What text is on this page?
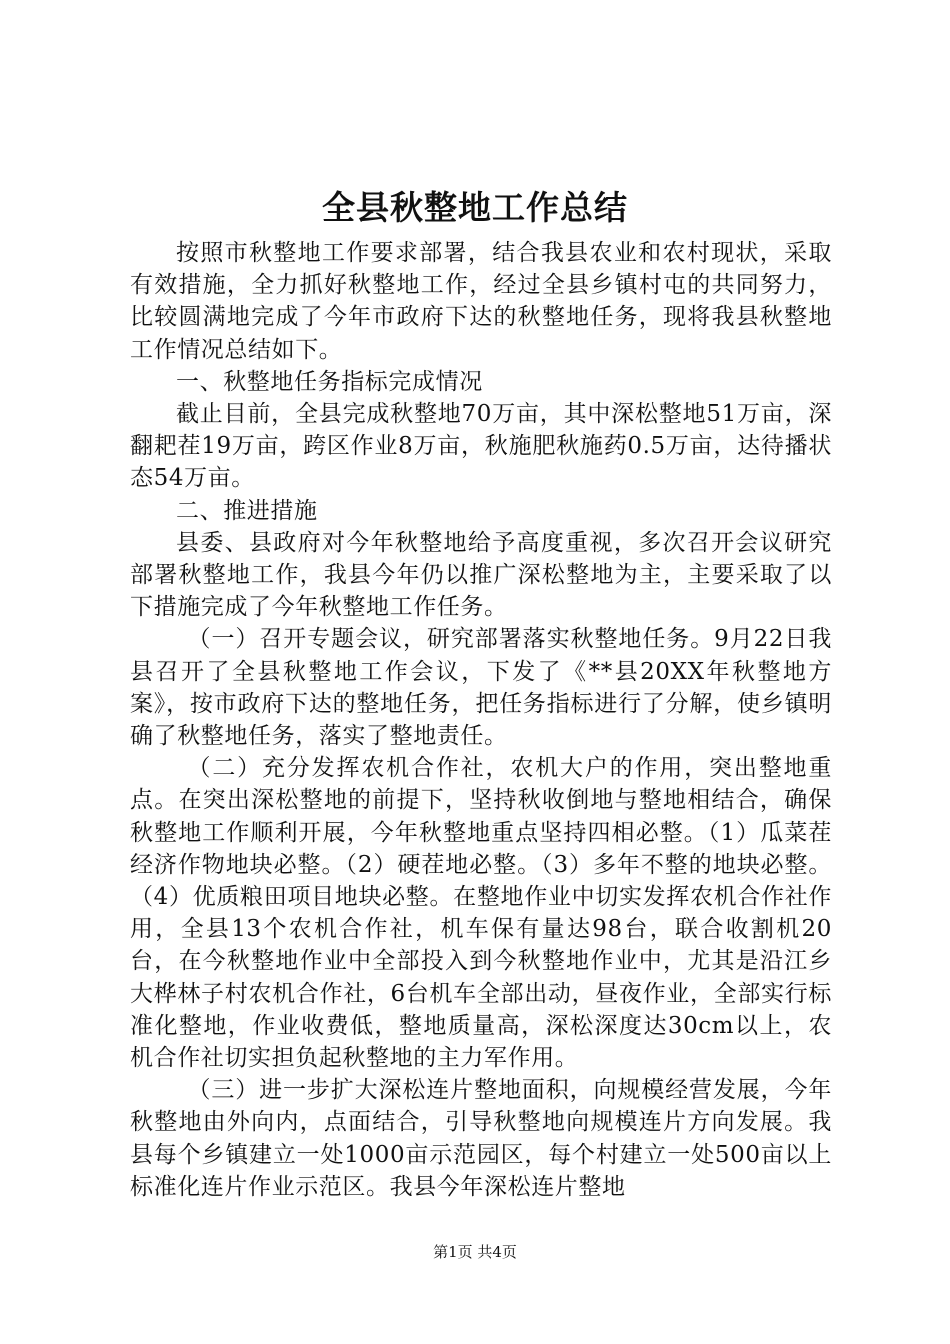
全县秋整地工作总结

按照市秋整地工作要求部署，结合我县农业和农村现状，采取有效措施，全力抓好秋整地工作，经过全县乡镇村屯的共同努力，比较圆满地完成了今年市政府下达的秋整地任务，现将我县秋整地工作情况总结如下。

一、秋整地任务指标完成情况

截止目前，全县完成秋整地70万亩，其中深松整地51万亩，深翻耙茬19万亩，跨区作业8万亩，秋施肥秋施药0.5万亩，达待播状态54万亩。

二、推进措施

县委、县政府对今年秋整地给予高度重视，多次召开会议研究部署秋整地工作，我县今年仍以推广深松整地为主，主要采取了以下措施完成了今年秋整地工作任务。

（一）召开专题会议，研究部署落实秋整地任务。9月22日我县召开了全县秋整地工作会议，下发了《**县20XX年秋整地方案》，按市政府下达的整地任务，把任务指标进行了分解，使乡镇明确了秋整地任务，落实了整地责任。

（二）充分发挥农机合作社，农机大户的作用，突出整地重点。在突出深松整地的前提下，坚持秋收倒地与整地相结合，确保秋整地工作顺利开展，今年秋整地重点坚持四相必整。（1）瓜菜茬经济作物地块必整。（2）硬茬地必整。（3）多年不整的地块必整。（4）优质粮田项目地块必整。在整地作业中切实发挥农机合作社作用，全县13个农机合作社，机车保有量达98台，联合收割机20台，在今秋整地作业中全部投入到今秋整地作业中，尤其是沿江乡大桦林子村农机合作社，6台机车全部出动，昼夜作业，全部实行标准化整地，作业收费低，整地质量高，深松深度达30cm以上，农机合作社切实担负起秋整地的主力军作用。

（三）进一步扩大深松连片整地面积，向规模经营发展，今年秋整地由外向内，点面结合，引导秋整地向规模连片方向发展。我县每个乡镇建立一处1000亩示范园区，每个村建立一处500亩以上标准化连片作业示范区。我县今年深松连片整地

第1页 共4页
